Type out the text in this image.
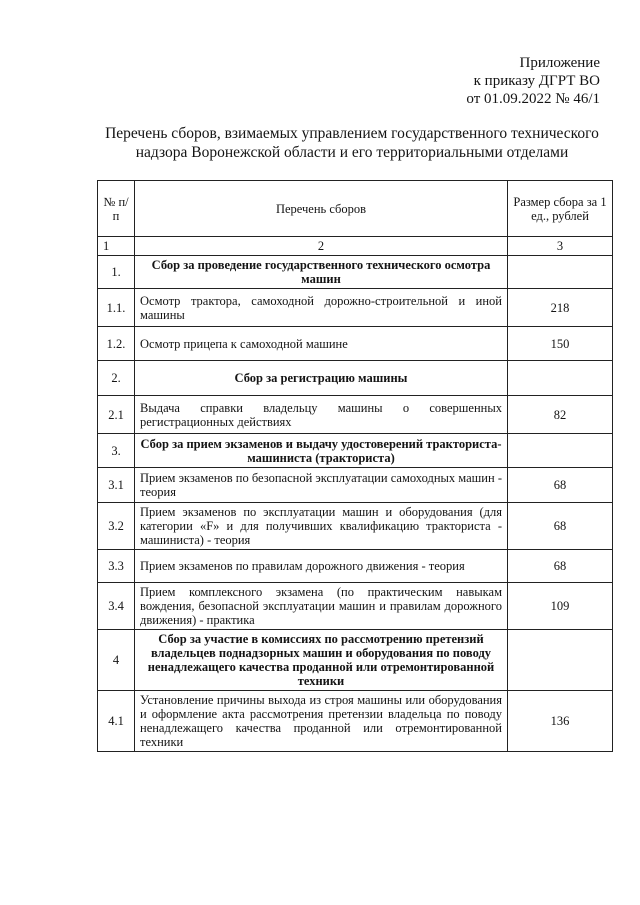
Приложение
к приказу ДГРТ ВО
от 01.09.2022 № 46/1
Перечень сборов, взимаемых управлением государственного технического
надзора Воронежской области и его территориальными отделами
№ п/п	Перечень сборов	Размер сбора за 1 ед., рублей
1	2	3
1.	Сбор за проведение государственного технического осмотра машин	
1.1.	Осмотр трактора, самоходной дорожно-строительной и иной машины	218
1.2.	Осмотр прицепа к самоходной машине	150
2.	Сбор за регистрацию машины	
2.1	Выдача справки владельцу машины о совершенных регистрационных действиях	82
3.	Сбор за прием экзаменов и выдачу удостоверений тракториста-машиниста (тракториста)	
3.1	Прием экзаменов по безопасной эксплуатации самоходных машин - теория	68
3.2	Прием экзаменов по эксплуатации машин и оборудования (для категории «F» и для получивших квалификацию тракториста - машиниста) - теория	68
3.3	Прием экзаменов по правилам дорожного движения - теория	68
3.4	Прием комплексного экзамена (по практическим навыкам вождения, безопасной эксплуатации машин и правилам дорожного движения) - практика	109
4	Сбор за участие в комиссиях по рассмотрению претензий владельцев поднадзорных машин и оборудования по поводу ненадлежащего качества проданной или отремонтированной техники	
4.1	Установление причины выхода из строя машины или оборудования и оформление акта рассмотрения претензии владельца по поводу ненадлежащего качества проданной или отремонтированной техники	136
